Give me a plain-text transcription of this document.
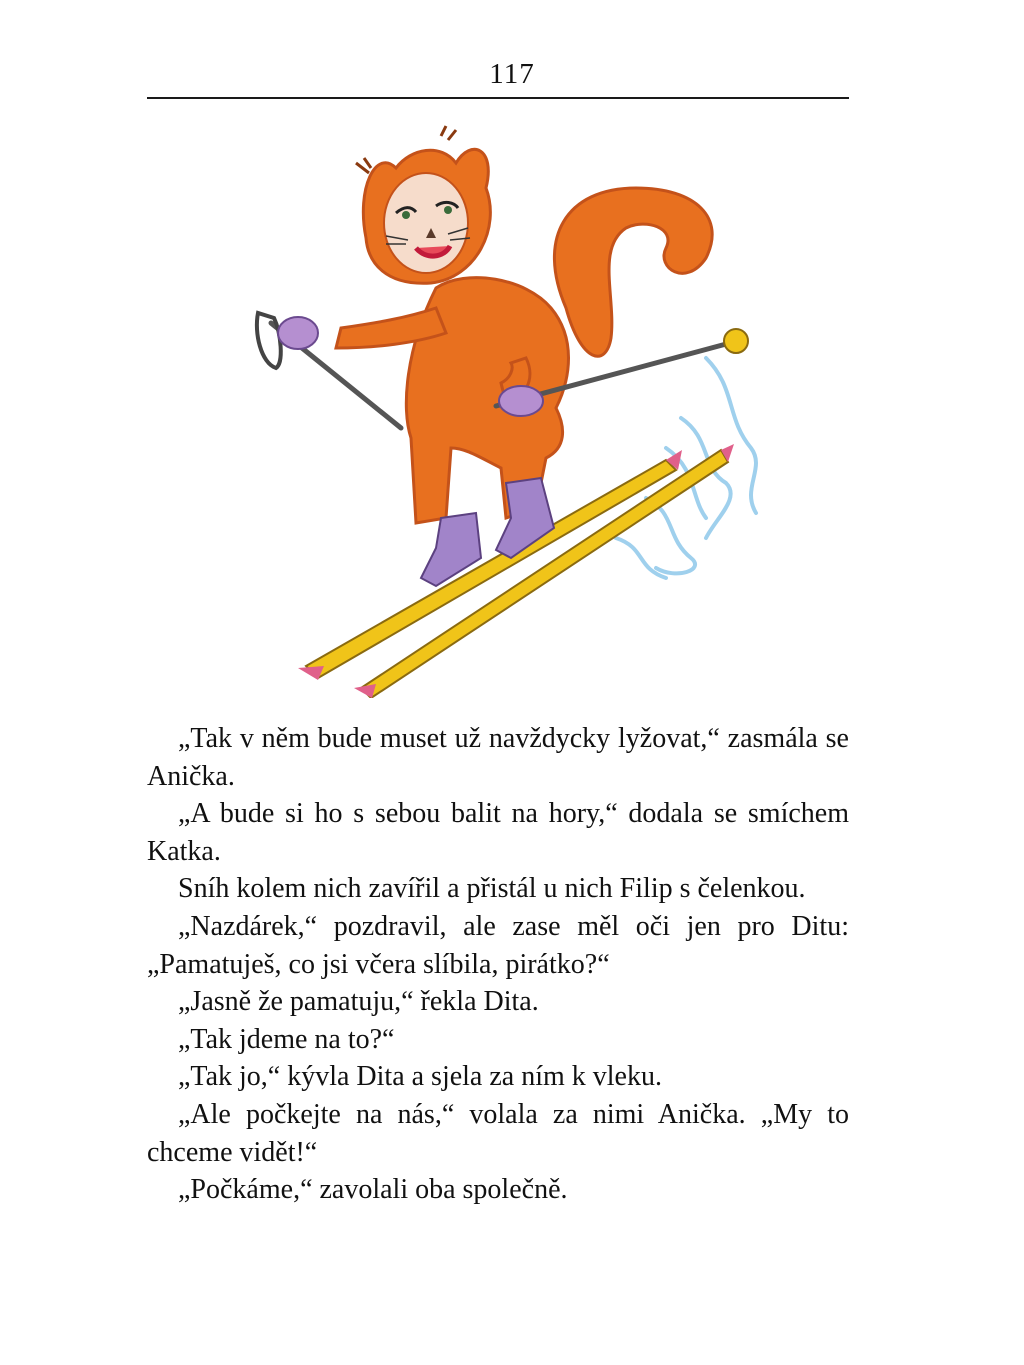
117

„Tak v něm bude muset už navždycky lyžovat,“ zasmála se Anička.

„A bude si ho s sebou balit na hory,“ dodala se smíchem Katka.

Sníh kolem nich zavířil a přistál u nich Filip s čelenkou.

„Nazdárek,“ pozdravil, ale zase měl oči jen pro Ditu: „Pamatuješ, co jsi včera slíbila, pirátko?“

„Jasně že pamatuju,“ řekla Dita.

„Tak jdeme na to?“

„Tak jo,“ kývla Dita a sjela za ním k vleku.

„Ale počkejte na nás,“ volala za nimi Anička. „My to chceme vidět!“

„Počkáme,“ zavolali oba společně.
